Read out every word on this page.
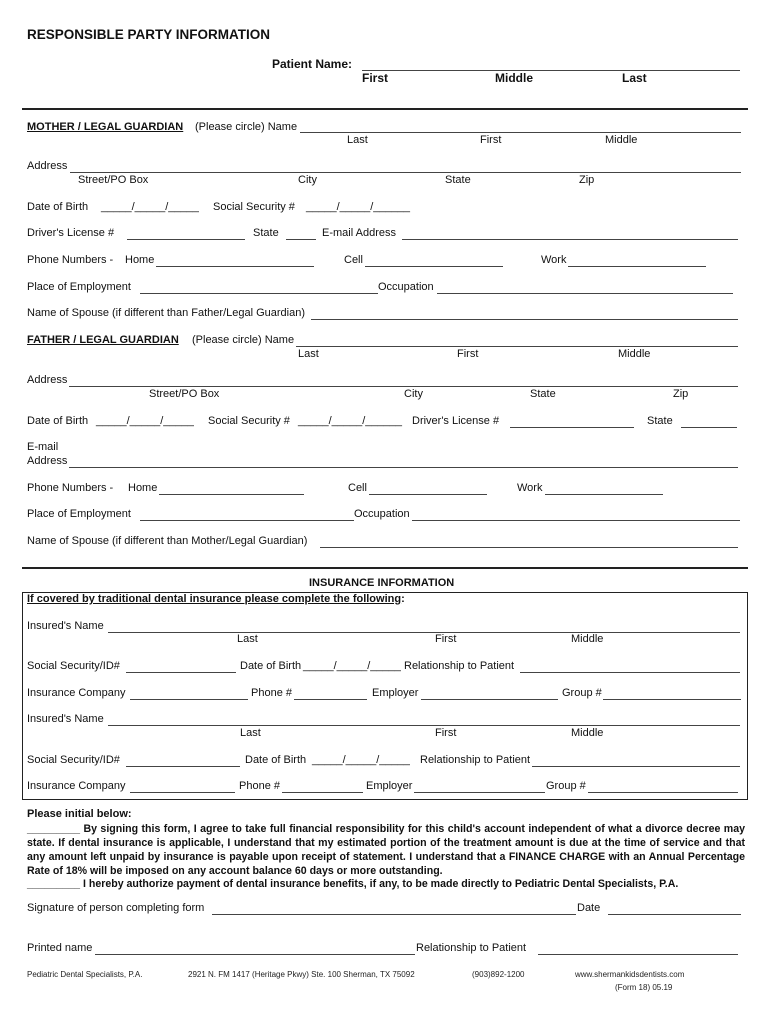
RESPONSIBLE PARTY INFORMATION
Patient Name:
First	Middle	Last
MOTHER / LEGAL GUARDIAN (Please circle) Name
Last	First	Middle
Address
Street/PO Box	City	State	Zip
Date of Birth _____/_____/_____ Social Security # _____/_____/______
Driver's License #	State	E-mail Address
Phone Numbers - Home	Cell	Work
Place of Employment	Occupation
Name of Spouse (if different than Father/Legal Guardian)
FATHER / LEGAL GUARDIAN (Please circle) Name
Last	First	Middle
Address
Street/PO Box	City	State	Zip
Date of Birth _____/_____/_____ Social Security # _____/_____/______ Driver's License #	State
E-mail
Address
Phone Numbers - Home	Cell	Work
Place of Employment	Occupation
Name of Spouse (if different than Mother/Legal Guardian)
INSURANCE INFORMATION
If covered by traditional dental insurance please complete the following:
Insured's Name
Last	First	Middle
Social Security/ID#	Date of Birth _____/_____/_____ Relationship to Patient
Insurance Company	Phone #	Employer	Group #
Insured's Name
Last	First	Middle
Social Security/ID#	Date of Birth _____/_____/_____ Relationship to Patient
Insurance Company	Phone #	Employer	Group #
Please initial below:
_________ By signing this form, I agree to take full financial responsibility for this child's account independent of what a divorce decree may state. If dental insurance is applicable, I understand that my estimated portion of the treatment amount is due at the time of service and that any amount left unpaid by insurance is payable upon receipt of statement. I understand that a FINANCE CHARGE with an Annual Percentage Rate of 18% will be imposed on any account balance 60 days or more outstanding.
_________ I hereby authorize payment of dental insurance benefits, if any, to be made directly to Pediatric Dental Specialists, P.A.
Signature of person completing form	Date
Printed name	Relationship to Patient
Pediatric Dental Specialists, P.A.	2921 N. FM 1417 (Heritage Pkwy) Ste. 100 Sherman, TX 75092	(903)892-1200	www.shermankidsdentists.com
(Form 18) 05.19
